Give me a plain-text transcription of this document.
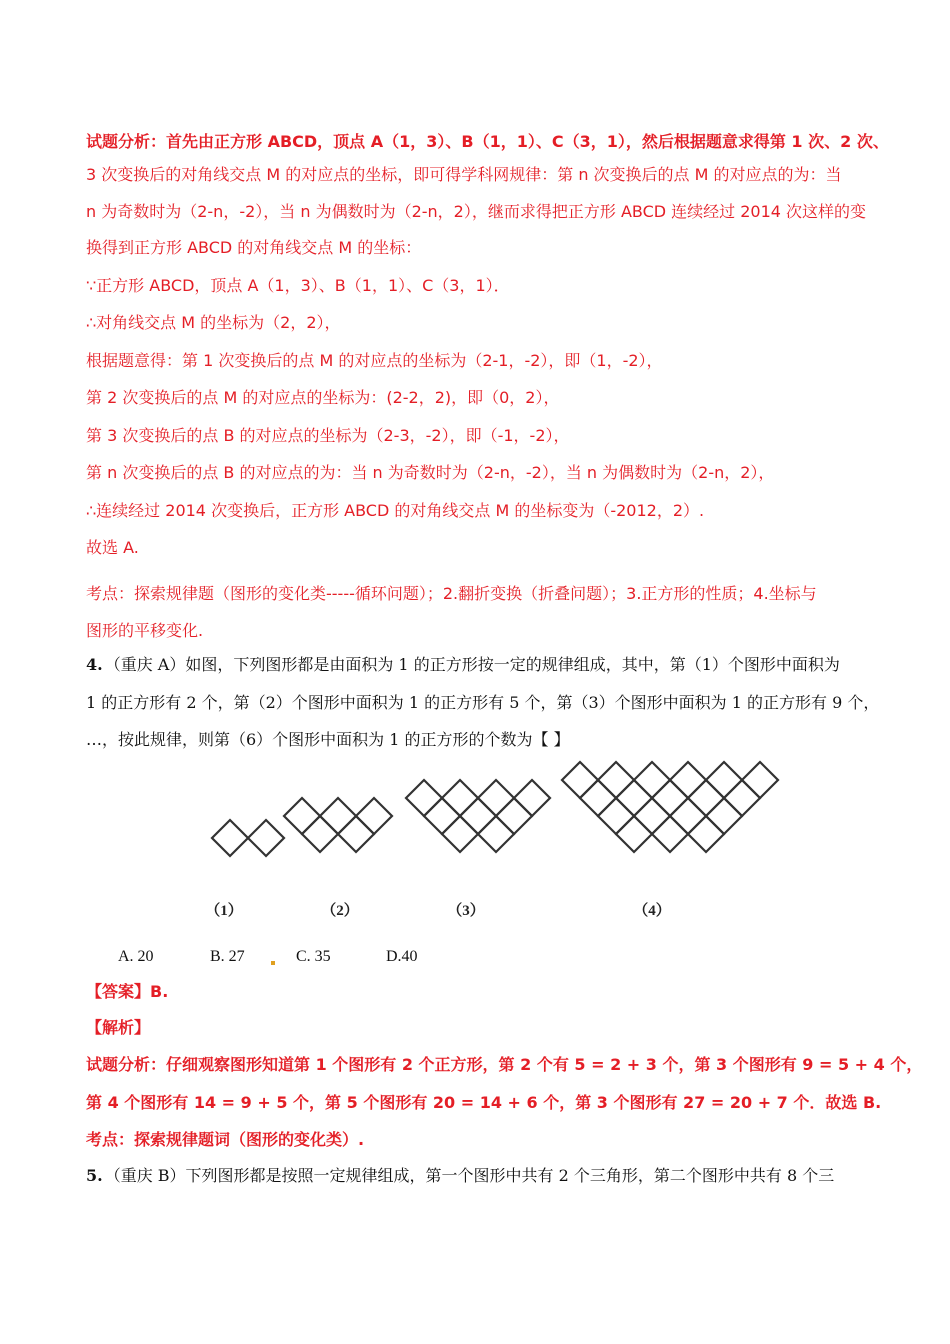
试题分析：首先由正方形 ABCD，顶点 A（1，3）、B（1，1）、C（3，1），然后根据题意求得第 1 次、2 次、
3 次变换后的对角线交点 M 的对应点的坐标，即可得学科网规律：第 n 次变换后的点 M 的对应点的为：当
n 为奇数时为（2-n，-2），当 n 为偶数时为（2-n，2），继而求得把正方形 ABCD 连续经过 2014 次这样的变
换得到正方形 ABCD 的对角线交点 M 的坐标：
∵正方形 ABCD，顶点 A（1，3）、B（1，1）、C（3，1）．
∴对角线交点 M 的坐标为（2，2），
根据题意得：第 1 次变换后的点 M 的对应点的坐标为（2-1，-2），即（1，-2），
第 2 次变换后的点 M 的对应点的坐标为：(2-2，2)，即（0，2），
第 3 次变换后的点 B 的对应点的坐标为（2-3，-2），即（-1，-2），
第 n 次变换后的点 B 的对应点的为：当 n 为奇数时为（2-n，-2），当 n 为偶数时为（2-n，2），
∴连续经过 2014 次变换后，正方形 ABCD 的对角线交点 M 的坐标变为（-2012，2）.
故选 A.
考点：探索规律题（图形的变化类-----循环问题）；2.翻折变换（折叠问题）；3.正方形的性质；4.坐标与
图形的平移变化.
4. （重庆 A）如图，下列图形都是由面积为 1 的正方形按一定的规律组成，其中，第（1）个图形中面积为
1 的正方形有 2 个，第（2）个图形中面积为 1 的正方形有 5 个，第（3）个图形中面积为 1 的正方形有 9 个，
…，按此规律，则第（6）个图形中面积为 1 的正方形的个数为【 】
（1）	（2）	（3）	（4）
A. 20	B. 27	C. 35	D.40
【答案】B.
【解析】
试题分析：仔细观察图形知道第 1 个图形有 2 个正方形，第 2 个有 5 = 2 + 3 个，第 3 个图形有 9 = 5 + 4 个，
第 4 个图形有 14 = 9 + 5 个，第 5 个图形有 20 = 14 + 6 个，第 3 个图形有 27 = 20 + 7 个．故选 B.
考点：探索规律题词（图形的变化类）.
5. （重庆 B）下列图形都是按照一定规律组成，第一个图形中共有 2 个三角形，第二个图形中共有 8 个三
